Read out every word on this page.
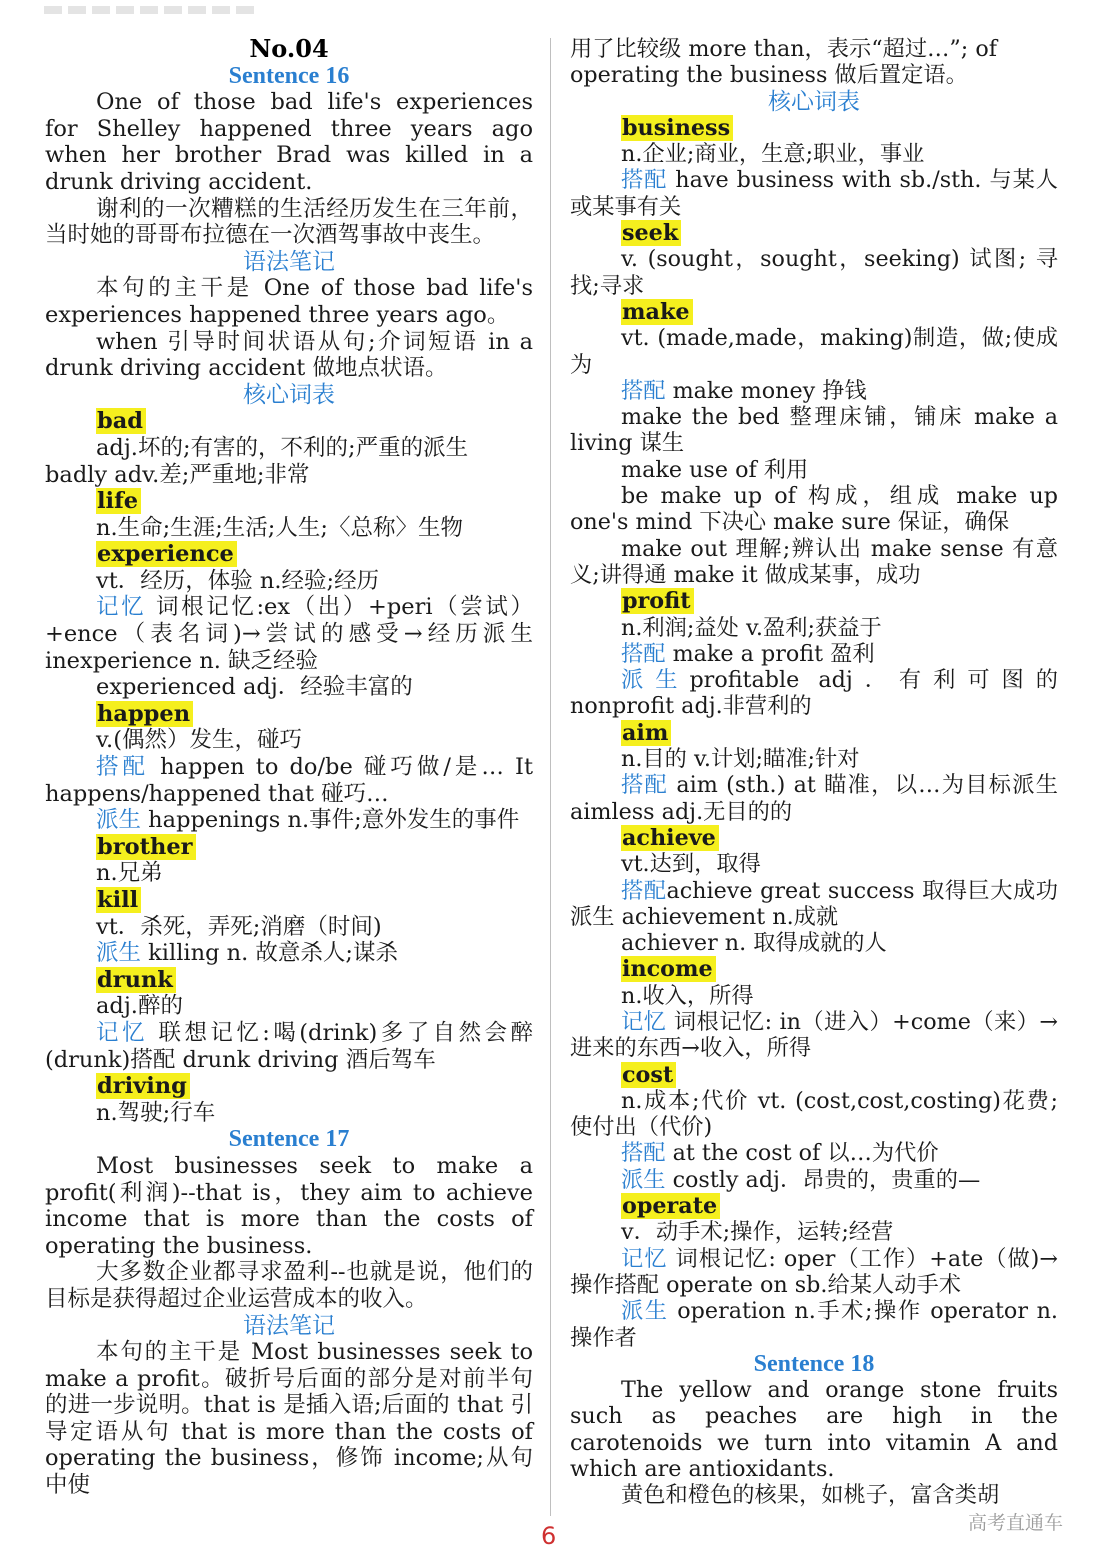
No.04
Sentence 16
One of those bad life's experiences for Shelley happened three years ago when her brother Brad was killed in a drunk driving accident.
谢利的一次糟糕的生活经历发生在三年前，当时她的哥哥布拉德在一次酒驾事故中丧生。
语法笔记
本句的主干是 One of those bad life's experiences happened three years ago。
when 引导时间状语从句;介词短语 in a drunk driving accident 做地点状语。
核心词表
bad
adj.坏的;有害的，不利的;严重的派生
badly adv.差;严重地;非常
life
n.生命;生涯;生活;人生;〈总称〉生物
experience
vt．经历，体验 n.经验;经历
记忆 词根记忆:ex（出）+peri（尝试）+ence（表名词)→尝试的感受→经历派生 inexperience n. 缺乏经验
experienced adj．经验丰富的
happen
v.(偶然）发生，碰巧
搭配 happen to do/be 碰巧做/是… It happens/happened that 碰巧…
派生 happenings n.事件;意外发生的事件
brother
n.兄弟
kill
vt．杀死，弄死;消磨（时间)
派生 killing n. 故意杀人;谋杀
drunk
adj.醉的
记忆 联想记忆:喝(drink)多了自然会醉(drunk)搭配 drunk driving 酒后驾车
driving
n.驾驶;行车
Sentence 17
Most businesses seek to make a profit(利润)--that is，they aim to achieve income that is more than the costs of operating the business.
大多数企业都寻求盈利--也就是说，他们的目标是获得超过企业运营成本的收入。
语法笔记
本句的主干是 Most businesses seek to make a profit。破折号后面的部分是对前半句的进一步说明。that is 是插入语;后面的 that 引导定语从句 that is more than the costs of operating the business，修饰 income;从句中使
用了比较级 more than，表示“超过…”; of operating the business 做后置定语。
核心词表
business
n.企业;商业，生意;职业，事业
搭配 have business with sb./sth. 与某人或某事有关
seek
v. (sought，sought，seeking) 试图; 寻找;寻求
make
vt. (made,made，making)制造，做;使成为
搭配 make money 挣钱
make the bed 整理床铺，铺床 make a living 谋生
make use of 利用
be make up of 构成，组成 make up one's mind 下决心 make sure 保证，确保
make out 理解;辨认出 make sense 有意义;讲得通 make it 做成某事，成功
profit
n.利润;益处 v.盈利;获益于
搭配 make a profit 盈利
派生profitable adj．有利可图的 nonprofit adj.非营利的
aim
n.目的 v.计划;瞄准;针对
搭配 aim (sth.) at 瞄准，以…为目标派生 aimless adj.无目的的
achieve
vt.达到，取得
搭配achieve great success 取得巨大成功派生 achievement n.成就
achiever n. 取得成就的人
income
n.收入，所得
记忆 词根记忆: in（进入）+come（来）→进来的东西→收入，所得
cost
n.成本;代价 vt. (cost,cost,costing)花费;使付出（代价)
搭配 at the cost of 以…为代价
派生 costly adj．昂贵的，贵重的—
operate
v．动手术;操作，运转;经营
记忆 词根记忆: oper（工作）+ate（做)→操作搭配 operate on sb.给某人动手术
派生 operation n.手术;操作 operator n.操作者
Sentence 18
The yellow and orange stone fruits such as peaches are high in the carotenoids we turn into vitamin A and which are antioxidants.
黄色和橙色的核果，如桃子，富含类胡
6	高考直通车
